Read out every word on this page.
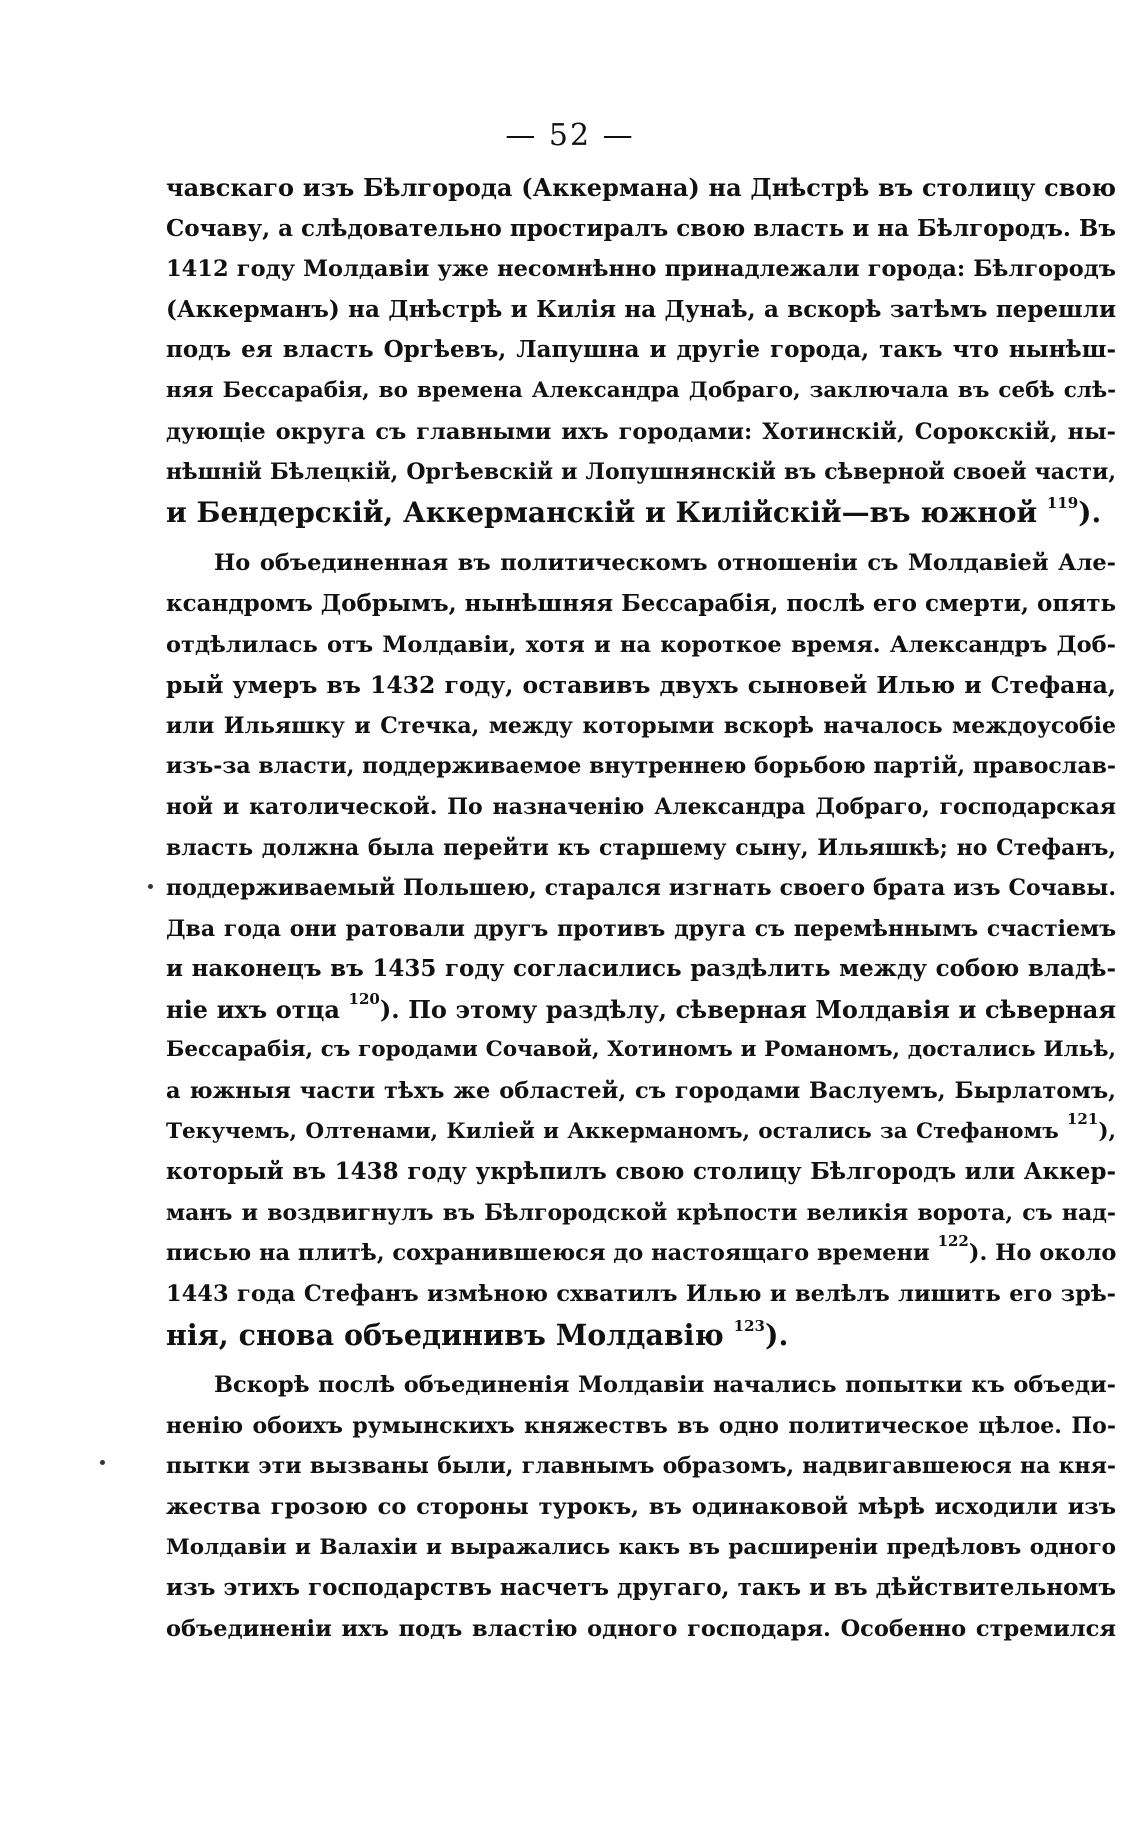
— 52 —
чавскаго изъ Бѣлгорода (Аккермана) на Днѣстрѣ въ столицу свою
Сочаву, а слѣдовательно простиралъ свою власть и на Бѣлгородъ. Въ
1412 году Молдавіи уже несомнѣнно принадлежали города: Бѣлгородъ
(Аккерманъ) на Днѣстрѣ и Килія на Дунаѣ, а вскорѣ затѣмъ перешли
подъ ея власть Оргѣевъ, Лапушна и другіе города, такъ что нынѣш-
няя Бессарабія, во времена Александра Добраго, заключала въ себѣ слѣ-
дующіе округа съ главными ихъ городами: Хотинскій, Сорокскій, ны-
нѣшній Бѣлецкій, Оргѣевскій и Лопушнянскій въ сѣверной своей части,
и Бендерскій, Аккерманскій и Килійскій—въ южной $^{119}$).
Но объединенная въ политическомъ отношеніи съ Молдавіей Але-
ксандромъ Добрымъ, нынѣшняя Бессарабія, послѣ его смерти, опять
отдѣлилась отъ Молдавіи, хотя и на короткое время. Александръ Доб-
рый умеръ въ 1432 году, оставивъ двухъ сыновей Илью и Стефана,
или Ильяшку и Стечка, между которыми вскорѣ началось междоусобіе
изъ-за власти, поддерживаемое внутреннею борьбою партій, православ-
ной и католической. По назначенію Александра Добраго, господарская
власть должна была перейти къ старшему сыну, Ильяшкѣ; но Стефанъ,
поддерживаемый Польшею, старался изгнать своего брата изъ Сочавы.
Два года они ратовали другъ противъ друга съ перемѣннымъ счастіемъ
и наконецъ въ 1435 году согласились раздѣлить между собою владѣ-
ніе ихъ отца $^{120}$). По этому раздѣлу, сѣверная Молдавія и сѣверная
Бессарабія, съ городами Сочавой, Хотиномъ и Романомъ, достались Ильѣ,
а южныя части тѣхъ же областей, съ городами Васлуемъ, Бырлатомъ,
Текучемъ, Олтенами, Киліей и Аккерманомъ, остались за Стефаномъ $^{121}$),
который въ 1438 году укрѣпилъ свою столицу Бѣлгородъ или Аккер-
манъ и воздвигнулъ въ Бѣлгородской крѣпости великія ворота, съ над-
писью на плитѣ, сохранившеюся до настоящаго времени $^{122}$). Но около
1443 года Стефанъ измѣною схватилъ Илью и велѣлъ лишить его зрѣ-
нія, снова объединивъ Молдавію $^{123}$).
Вскорѣ послѣ объединенія Молдавіи начались попытки къ объеди-
ненію обоихъ румынскихъ княжествъ въ одно политическое цѣлое. По-
пытки эти вызваны были, главнымъ образомъ, надвигавшеюся на кня-
жества грозою со стороны турокъ, въ одинаковой мѣрѣ исходили изъ
Молдавіи и Валахіи и выражались какъ въ расширеніи предѣловъ одного
изъ этихъ господарствъ насчетъ другаго, такъ и въ дѣйствительномъ
объединеніи ихъ подъ властію одного господаря. Особенно стремился
